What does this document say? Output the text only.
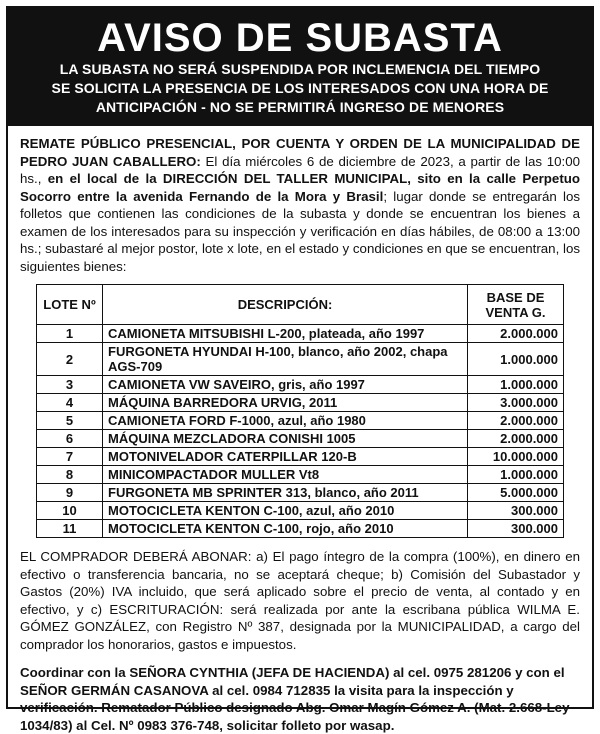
AVISO DE SUBASTA
LA SUBASTA NO SERÁ SUSPENDIDA POR INCLEMENCIA DEL TIEMPO
SE SOLICITA LA PRESENCIA DE LOS INTERESADOS CON UNA HORA DE
ANTICIPACIÓN - NO SE PERMITIRÁ INGRESO DE MENORES

REMATE PÚBLICO PRESENCIAL, POR CUENTA Y ORDEN DE LA MUNICIPALIDAD DE PEDRO JUAN CABALLERO: El día miércoles 6 de diciembre de 2023, a partir de las 10:00 hs., en el local de la DIRECCIÓN DEL TALLER MUNICIPAL, sito en la calle Perpetuo Socorro entre la avenida Fernando de la Mora y Brasil; lugar donde se entregarán los folletos que contienen las condiciones de la subasta y donde se encuentran los bienes a examen de los interesados para su inspección y verificación en días hábiles, de 08:00 a 13:00 hs.; subastaré al mejor postor, lote x lote, en el estado y condiciones en que se encuentran, los siguientes bienes:

LOTE Nº	DESCRIPCIÓN:	BASE DE
VENTA G.
1	CAMIONETA MITSUBISHI L-200, plateada, año 1997	2.000.000
2	FURGONETA HYUNDAI H-100, blanco, año 2002, chapa AGS-709	1.000.000
3	CAMIONETA VW SAVEIRO, gris, año 1997	1.000.000
4	MÁQUINA BARREDORA URVIG, 2011	3.000.000
5	CAMIONETA FORD F-1000, azul, año 1980	2.000.000
6	MÁQUINA MEZCLADORA CONISHI 1005	2.000.000
7	MOTONIVELADOR CATERPILLAR 120-B	10.000.000
8	MINICOMPACTADOR MULLER Vt8	1.000.000
9	FURGONETA MB SPRINTER 313, blanco, año 2011	5.000.000
10	MOTOCICLETA KENTON C-100, azul, año 2010	300.000
11	MOTOCICLETA KENTON C-100, rojo, año 2010	300.000

EL COMPRADOR DEBERÁ ABONAR: a) El pago íntegro de la compra (100%), en dinero en efectivo o transferencia bancaria, no se aceptará cheque; b) Comisión del Subastador y Gastos (20%) IVA incluido, que será aplicado sobre el precio de venta, al contado y en efectivo, y c) ESCRITURACIÓN: será realizada por ante la escribana pública WILMA E. GÓMEZ GONZÁLEZ, con Registro Nº 387, designada por la MUNICIPALIDAD, a cargo del comprador los honorarios, gastos e impuestos.

Coordinar con la SEÑORA CYNTHIA (JEFA DE HACIENDA) al cel. 0975 281206 y con el SEÑOR GERMÁN CASANOVA al cel. 0984 712835 la visita para la inspección y verificación. Rematador Público designado Abg. Omar Magín Gómez A. (Mat. 2.668-Ley 1034/83) al Cel. Nº 0983 376-748, solicitar folleto por wasap.
